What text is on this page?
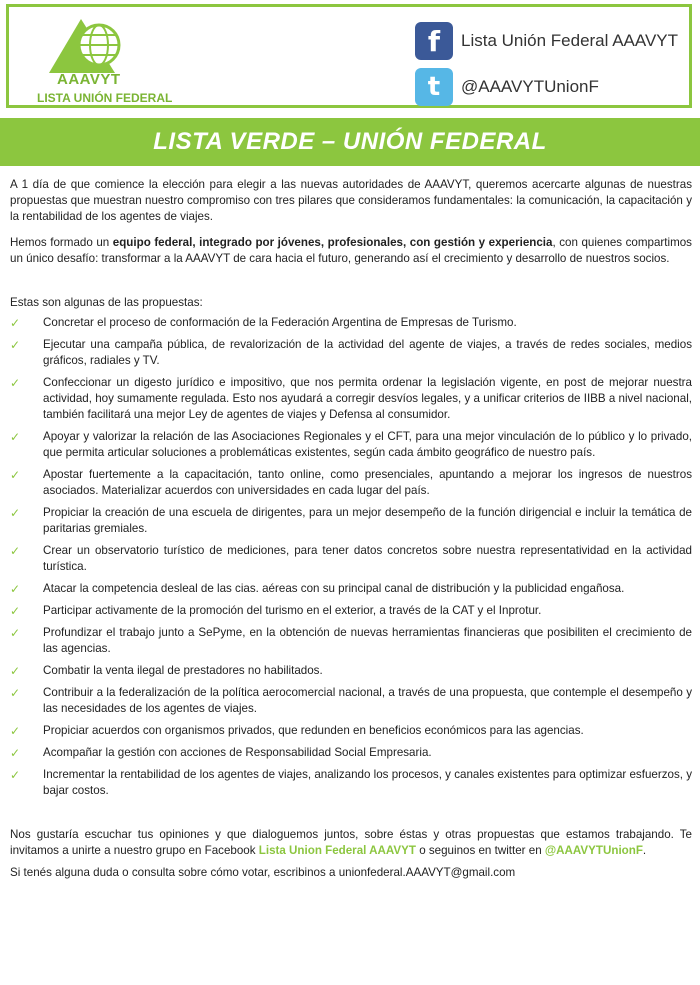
AAAVYT
LISTA UNIÓN FEDERAL
f	Lista Unión Federal AAAVYT
t	@AAAVYTUnionF
LISTA VERDE – UNIÓN FEDERAL

A 1 día de que comience la elección para elegir a las nuevas autoridades de AAAVYT, queremos acercarte algunas de nuestras propuestas que muestran nuestro compromiso con tres pilares que consideramos fundamentales: la comunicación, la capacitación y la rentabilidad de los agentes de viajes.

Hemos formado un equipo federal, integrado por jóvenes, profesionales, con gestión y experiencia, con quienes compartimos un único desafío: transformar a la AAAVYT de cara hacia el futuro, generando así el crecimiento y desarrollo de nuestros socios.

Estas son algunas de las propuestas:

✓ Concretar el proceso de conformación de la Federación Argentina de Empresas de Turismo.
✓ Ejecutar una campaña pública, de revalorización de la actividad del agente de viajes, a través de redes sociales, medios gráficos, radiales y TV.
✓ Confeccionar un digesto jurídico e impositivo, que nos permita ordenar la legislación vigente, en post de mejorar nuestra actividad, hoy sumamente regulada. Esto nos ayudará a corregir desvíos legales, y a unificar criterios de IIBB a nivel nacional, también facilitará una mejor Ley de agentes de viajes y Defensa al consumidor.
✓ Apoyar y valorizar la relación de las Asociaciones Regionales y el CFT, para una mejor vinculación de lo público y lo privado, que permita articular soluciones a problemáticas existentes, según cada ámbito geográfico de nuestro país.
✓ Apostar fuertemente a la capacitación, tanto online, como presenciales, apuntando a mejorar los ingresos de nuestros asociados. Materializar acuerdos con universidades en cada lugar del país.
✓ Propiciar la creación de una escuela de dirigentes, para un mejor desempeño de la función dirigencial e incluir la temática de paritarias gremiales.
✓ Crear un observatorio turístico de mediciones, para tener datos concretos sobre nuestra representatividad en la actividad turística.
✓ Atacar la competencia desleal de las cias. aéreas con su principal canal de distribución y la publicidad engañosa.
✓ Participar activamente de la promoción del turismo en el exterior, a través de la CAT y el Inprotur.
✓ Profundizar el trabajo junto a SePyme, en la obtención de nuevas herramientas financieras que posibiliten el crecimiento de las agencias.
✓ Combatir la venta ilegal de prestadores no habilitados.
✓ Contribuir a la federalización de la política aerocomercial nacional, a través de una propuesta, que contemple el desempeño y las necesidades de los agentes de viajes.
✓ Propiciar acuerdos con organismos privados, que redunden en beneficios económicos para las agencias.
✓ Acompañar la gestión con acciones de Responsabilidad Social Empresaria.
✓ Incrementar la rentabilidad de los agentes de viajes, analizando los procesos, y canales existentes para optimizar esfuerzos, y bajar costos.

Nos gustaría escuchar tus opiniones y que dialoguemos juntos, sobre éstas y otras propuestas que estamos trabajando. Te invitamos a unirte a nuestro grupo en Facebook Lista Union Federal AAAVYT o seguinos en twitter en @AAAVYTUnionF.

Si tenés alguna duda o consulta sobre cómo votar, escribinos a unionfederal.AAAVYT@gmail.com
